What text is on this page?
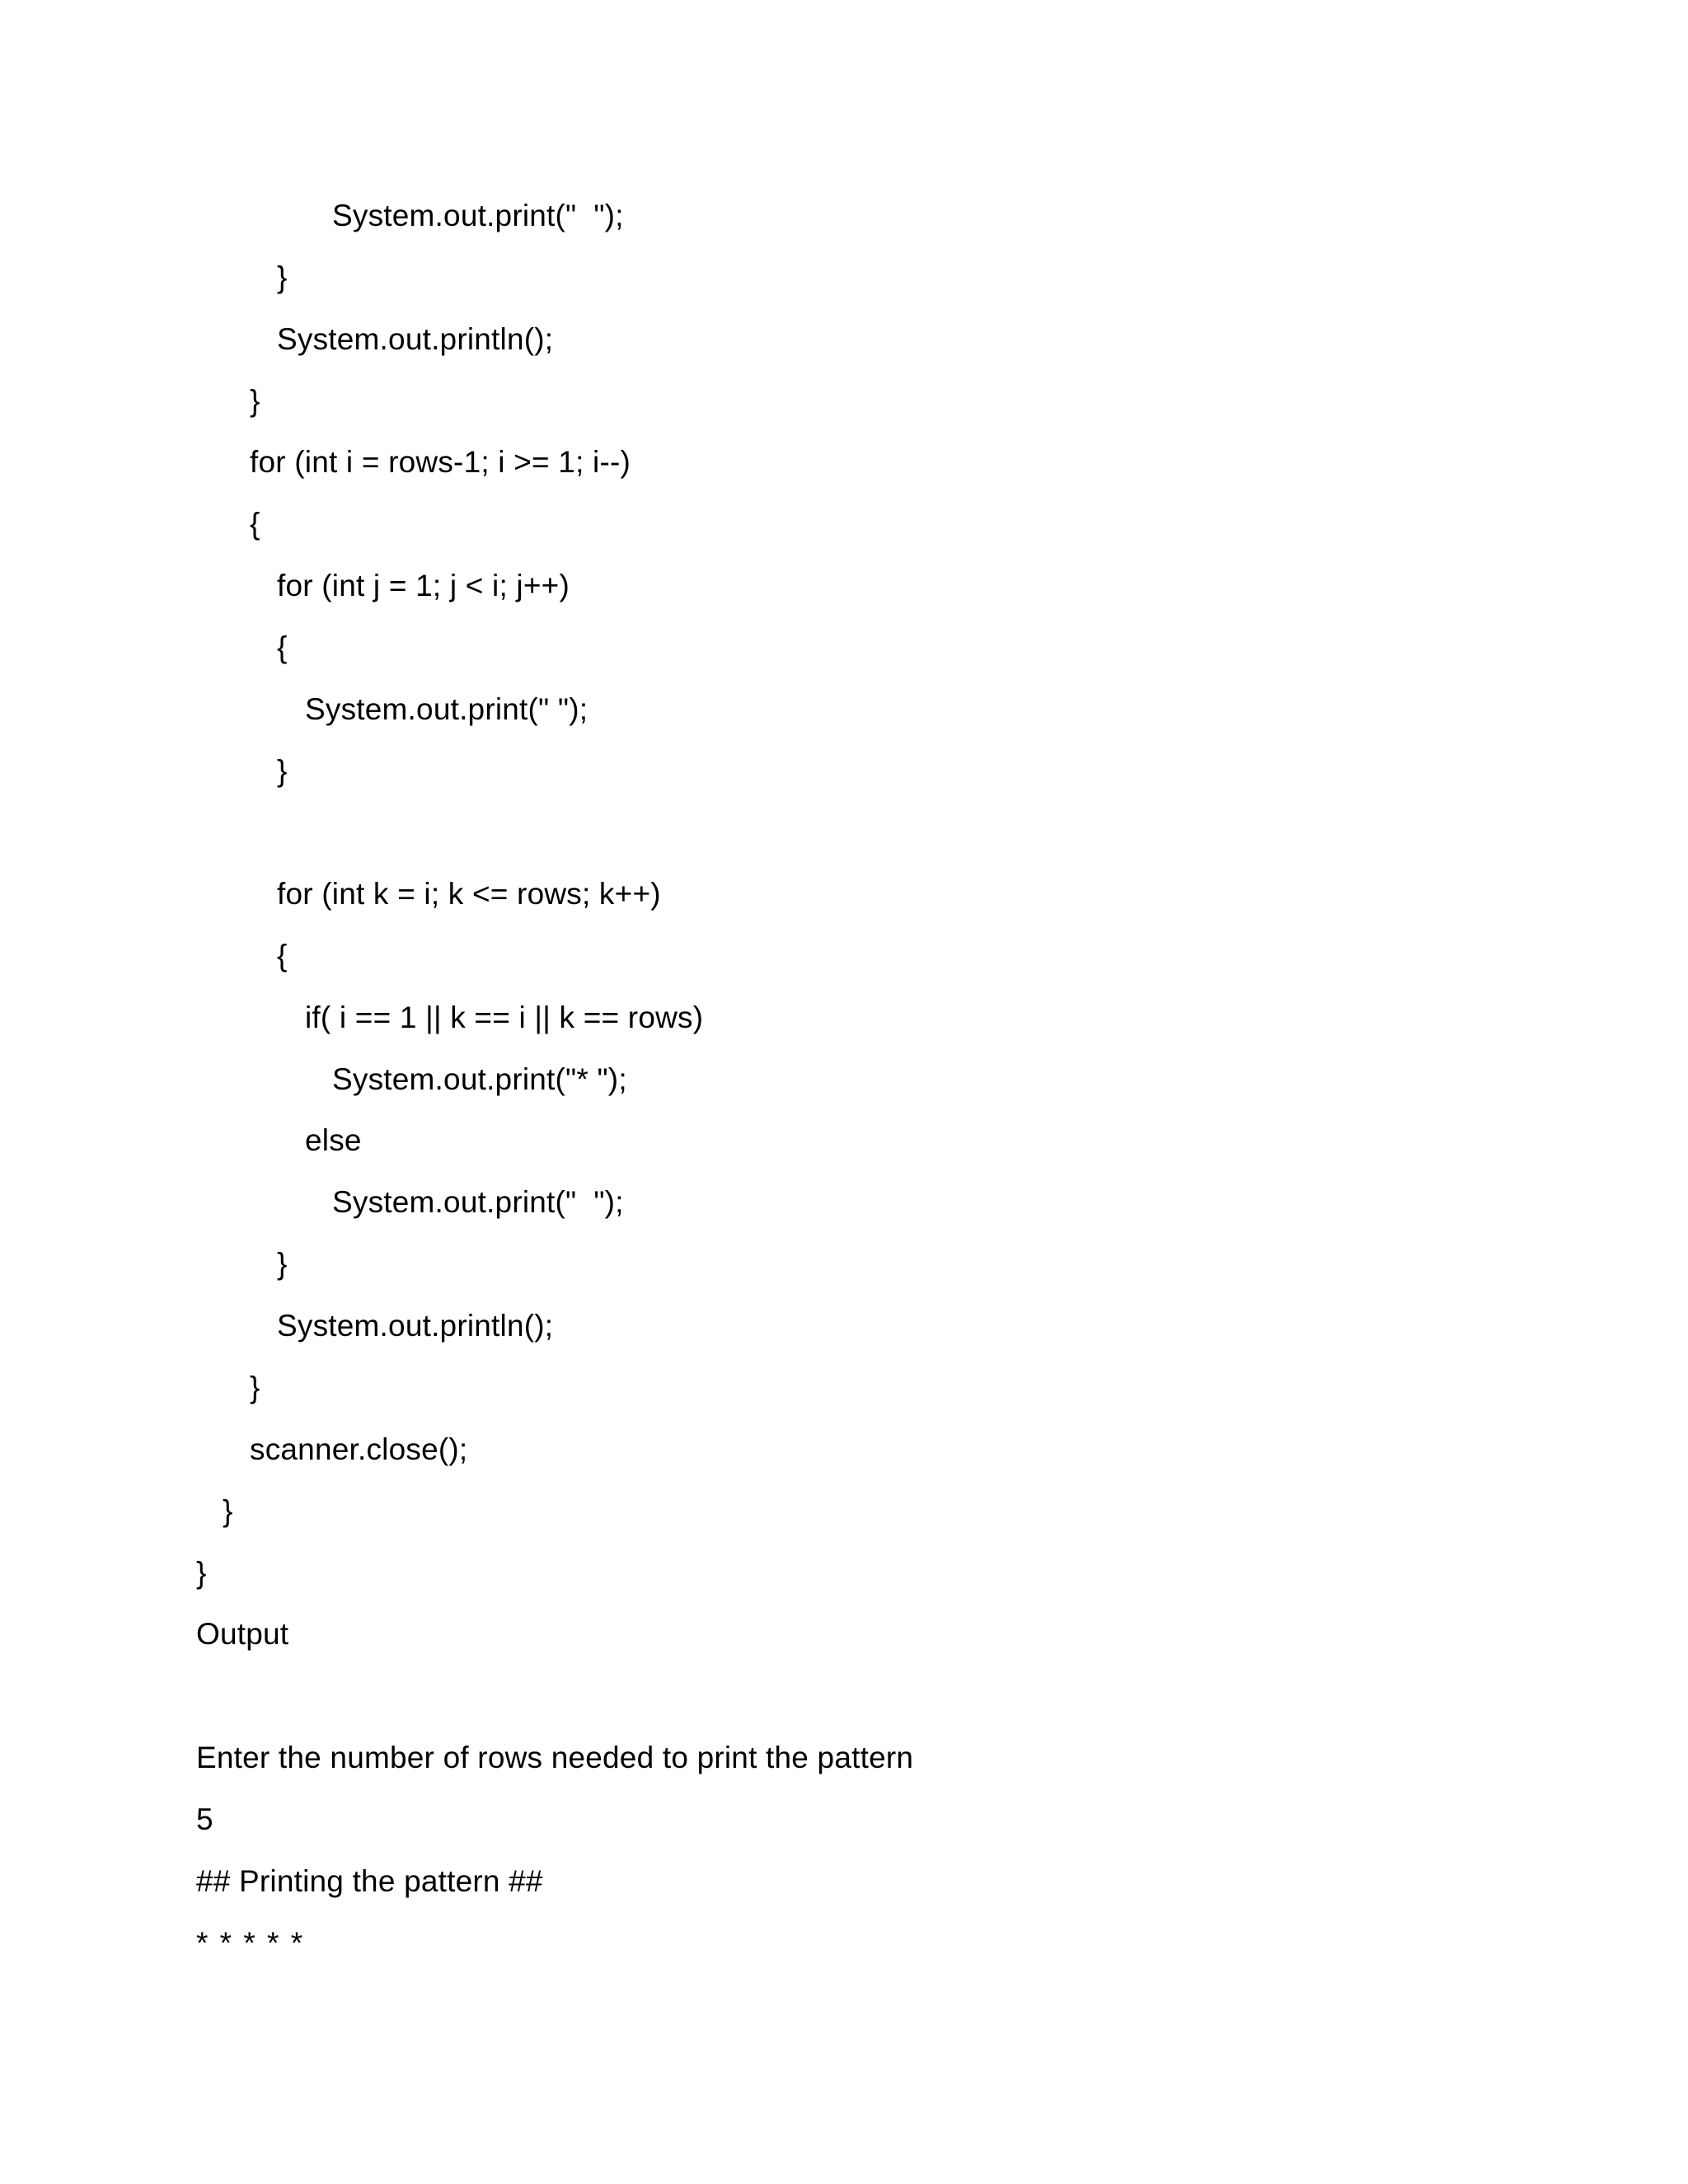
System.out.print("  ");
}
System.out.println();
}
for (int i = rows-1; i >= 1; i--)
{
for (int j = 1; j < i; j++)
{
System.out.print(" ");
}
for (int k = i; k <= rows; k++)
{
if( i == 1 || k == i || k == rows)
System.out.print("* ");
else
System.out.print("  ");
}
System.out.println();
}
scanner.close();
}
}
Output
Enter the number of rows needed to print the pattern
5
## Printing the pattern ##
* * * * *
